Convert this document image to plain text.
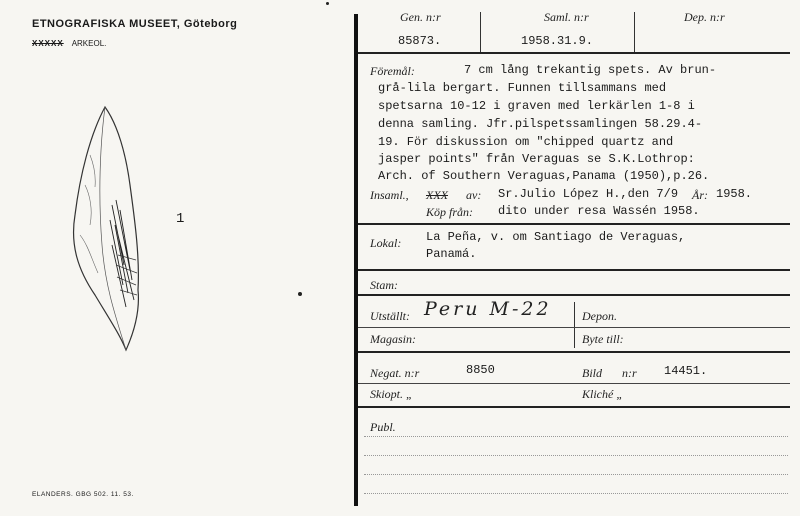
ETNOGRAFISKA MUSEET, Göteborg
XXXXX ARKEOL.
1
ELANDERS. GBG 502. 11. 53.
Gen. n:r	Saml. n:r	Dep. n:r
85873.	1958.31.9.
Föremål:	7 cm lång trekantig spets. Av brun-
grå-lila bergart. Funnen tillsammans med
spetsarna 10-12 i graven med lerkärlen 1-8 i
denna samling. Jfr.pilspetssamlingen 58.29.4-
19. För diskussion om "chipped quartz and
jasper points" från Veraguas se S.K.Lothrop:
Arch. of Southern Veraguas,Panama (1950),p.26.
Insaml., XXX av: Sr.Julio López H.,den 7/9 År: 1958.
Köp från: dito under resa Wassén 1958.
Lokal: La Peña, v. om Santiago de Veraguas,
Panamá.
Stam:
Utställt: Peru M-22
Magasin:
Depon.
Byte till:
Negat. n:r	8850	Bild n:r 14451.
Skiopt. „	Kliché „
Publ.
